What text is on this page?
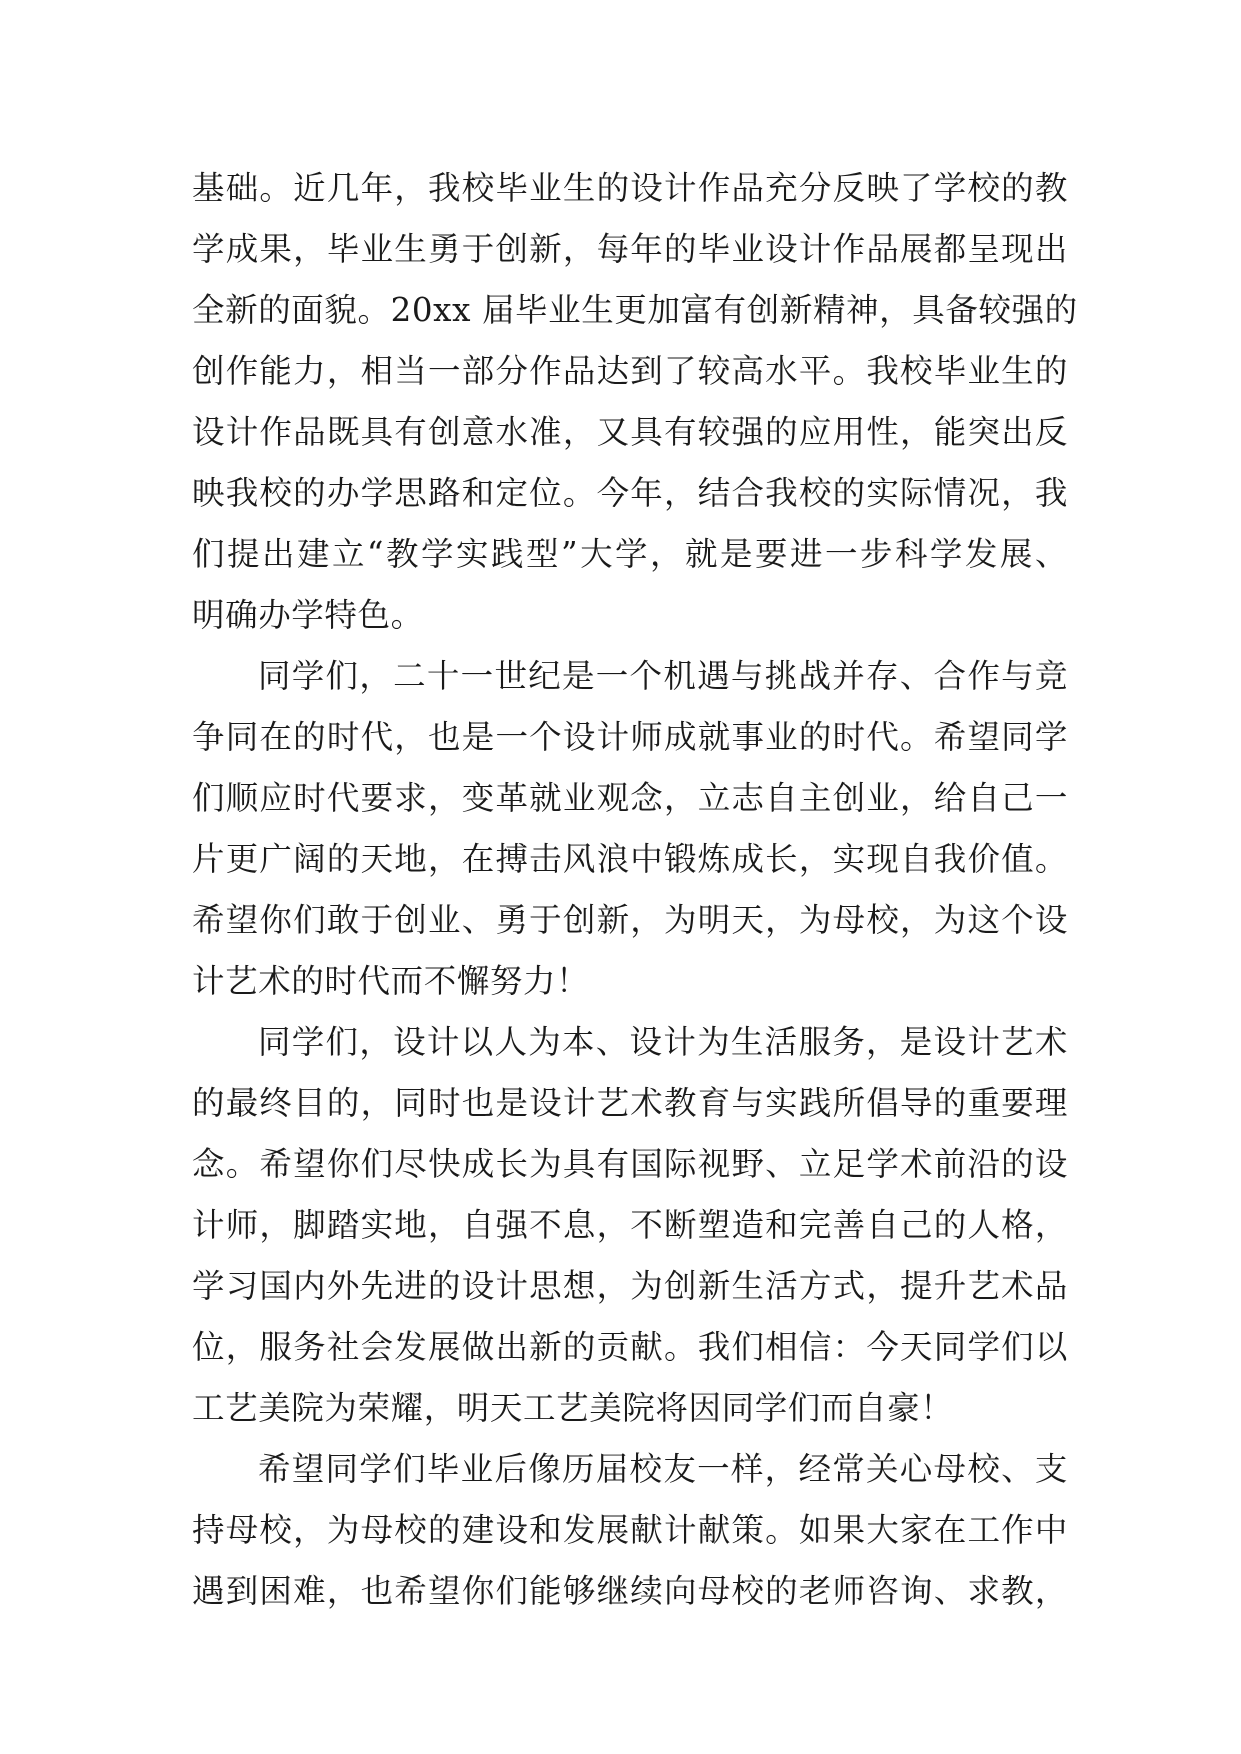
基础。近几年，我校毕业生的设计作品充分反映了学校的教
学成果，毕业生勇于创新，每年的毕业设计作品展都呈现出
全新的面貌。20xx 届毕业生更加富有创新精神，具备较强的
创作能力，相当一部分作品达到了较高水平。我校毕业生的
设计作品既具有创意水准，又具有较强的应用性，能突出反
映我校的办学思路和定位。今年，结合我校的实际情况，我
们提出建立“教学实践型”大学，就是要进一步科学发展、
明确办学特色。
同学们，二十一世纪是一个机遇与挑战并存、合作与竞
争同在的时代，也是一个设计师成就事业的时代。希望同学
们顺应时代要求，变革就业观念，立志自主创业，给自己一
片更广阔的天地，在搏击风浪中锻炼成长，实现自我价值。
希望你们敢于创业、勇于创新，为明天，为母校，为这个设
计艺术的时代而不懈努力！
同学们，设计以人为本、设计为生活服务，是设计艺术
的最终目的，同时也是设计艺术教育与实践所倡导的重要理
念。希望你们尽快成长为具有国际视野、立足学术前沿的设
计师，脚踏实地，自强不息，不断塑造和完善自己的人格，
学习国内外先进的设计思想，为创新生活方式，提升艺术品
位，服务社会发展做出新的贡献。我们相信：今天同学们以
工艺美院为荣耀，明天工艺美院将因同学们而自豪！
希望同学们毕业后像历届校友一样，经常关心母校、支
持母校，为母校的建设和发展献计献策。如果大家在工作中
遇到困难，也希望你们能够继续向母校的老师咨询、求教，
